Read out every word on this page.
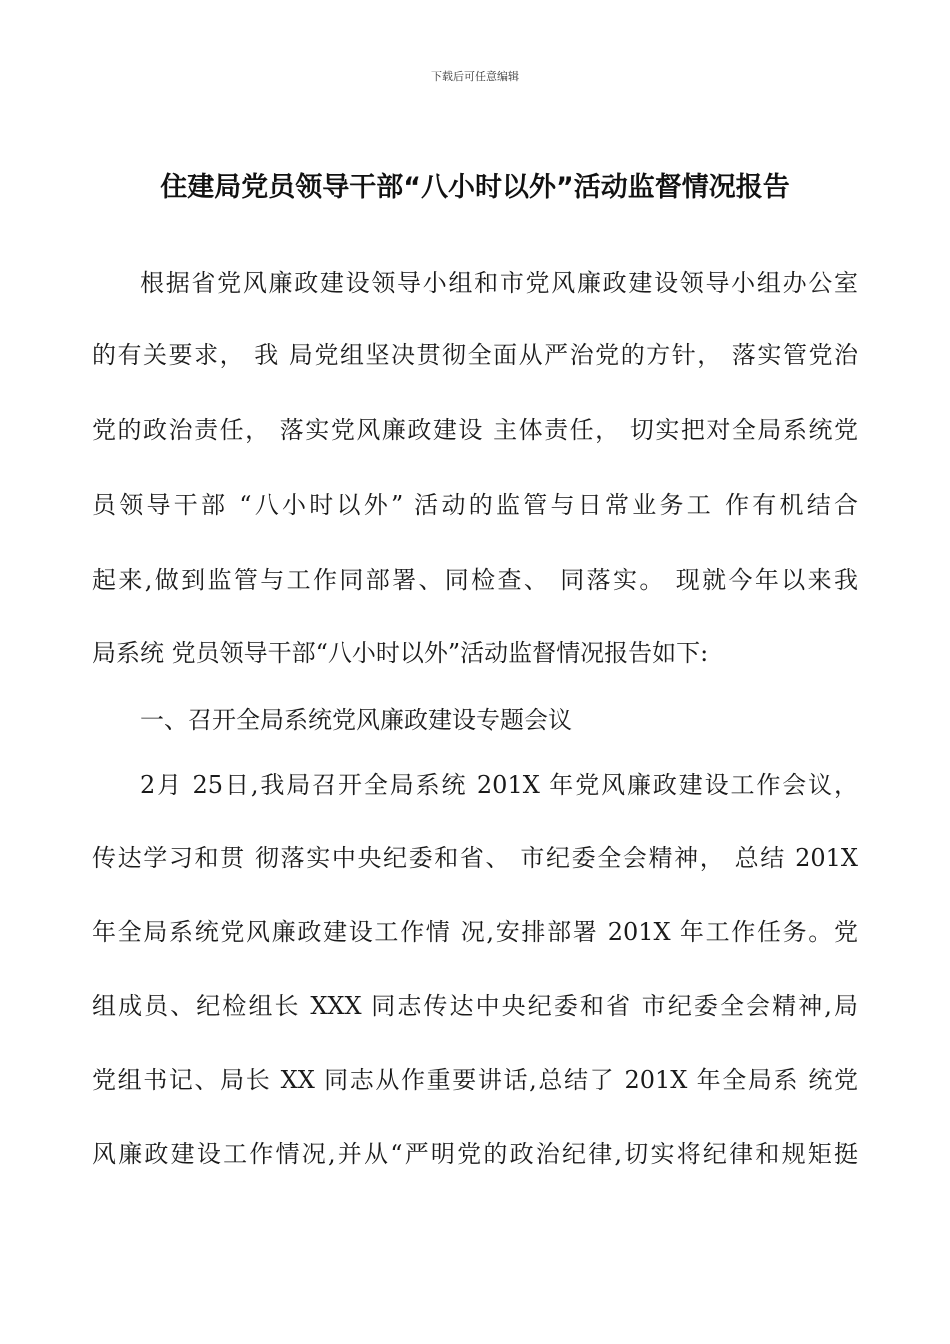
下载后可任意编辑
住建局党员领导干部“八小时以外”活动监督情况报告
根据省党风廉政建设领导小组和市党风廉政建设领导小组办公室
的有关要求， 我 局党组坚决贯彻全面从严治党的方针， 落实管党治
党的政治责任， 落实党风廉政建设 主体责任， 切实把对全局系统党
员领导干部 “八小时以外” 活动的监管与日常业务工 作有机结合
起来,做到监管与工作同部署、同检查、 同落实。 现就今年以来我
局系统 党员领导干部“八小时以外”活动监督情况报告如下:
一、召开全局系统党风廉政建设专题会议
2月 25日,我局召开全局系统 201X 年党风廉政建设工作会议，
传达学习和贯 彻落实中央纪委和省、 市纪委全会精神， 总结 201X
年全局系统党风廉政建设工作情 况,安排部署 201X 年工作任务。党
组成员、纪检组长 XXX 同志传达中央纪委和省 市纪委全会精神,局
党组书记、局长 XX 同志从作重要讲话,总结了 201X 年全局系 统党
风廉政建设工作情况,并从“严明党的政治纪律,切实将纪律和规矩挺
